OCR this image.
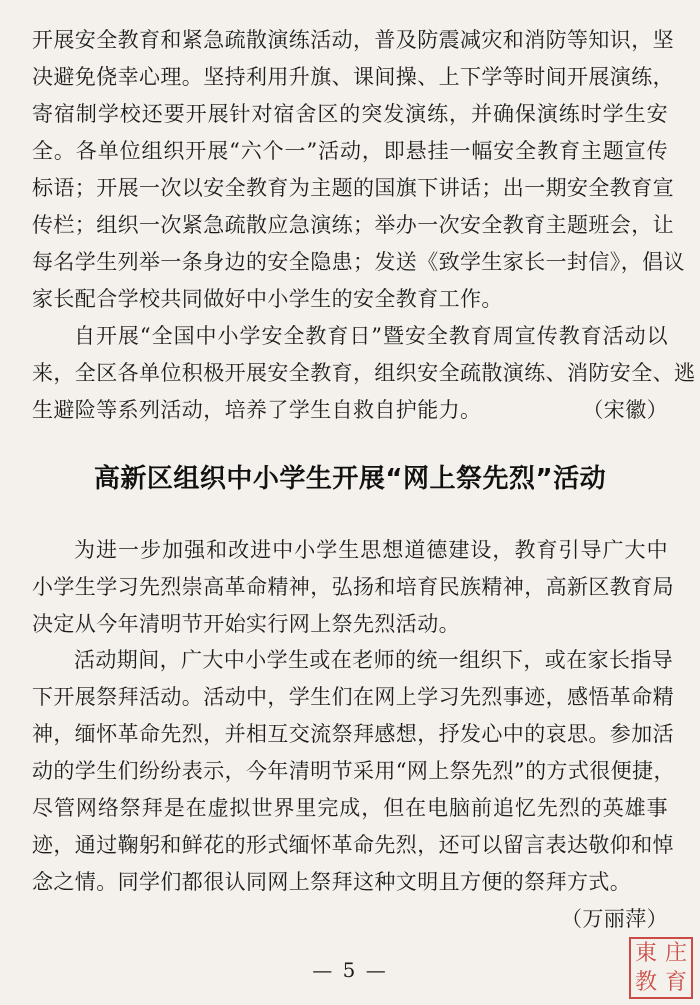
开展安全教育和紧急疏散演练活动，普及防震减灾和消防等知识，坚
决避免侥幸心理。坚持利用升旗、课间操、上下学等时间开展演练，
寄宿制学校还要开展针对宿舍区的突发演练，并确保演练时学生安
全。各单位组织开展“六个一”活动，即悬挂一幅安全教育主题宣传
标语；开展一次以安全教育为主题的国旗下讲话；出一期安全教育宣
传栏；组织一次紧急疏散应急演练；举办一次安全教育主题班会，让
每名学生列举一条身边的安全隐患；发送《致学生家长一封信》，倡议
家长配合学校共同做好中小学生的安全教育工作。
自开展“全国中小学安全教育日”暨安全教育周宣传教育活动以
来，全区各单位积极开展安全教育，组织安全疏散演练、消防安全、逃
生避险等系列活动，培养了学生自救自护能力。	（宋徽）
高新区组织中小学生开展“网上祭先烈”活动
为进一步加强和改进中小学生思想道德建设，教育引导广大中
小学生学习先烈崇高革命精神，弘扬和培育民族精神，高新区教育局
决定从今年清明节开始实行网上祭先烈活动。
活动期间，广大中小学生或在老师的统一组织下，或在家长指导
下开展祭拜活动。活动中，学生们在网上学习先烈事迹，感悟革命精
神，缅怀革命先烈，并相互交流祭拜感想，抒发心中的哀思。参加活
动的学生们纷纷表示，今年清明节采用“网上祭先烈”的方式很便捷，
尽管网络祭拜是在虚拟世界里完成，但在电脑前追忆先烈的英雄事
迹，通过鞠躬和鲜花的形式缅怀革命先烈，还可以留言表达敬仰和悼
念之情。同学们都很认同网上祭拜这种文明且方便的祭拜方式。
（万丽萍）
— 5 —
東 庄
教 育
